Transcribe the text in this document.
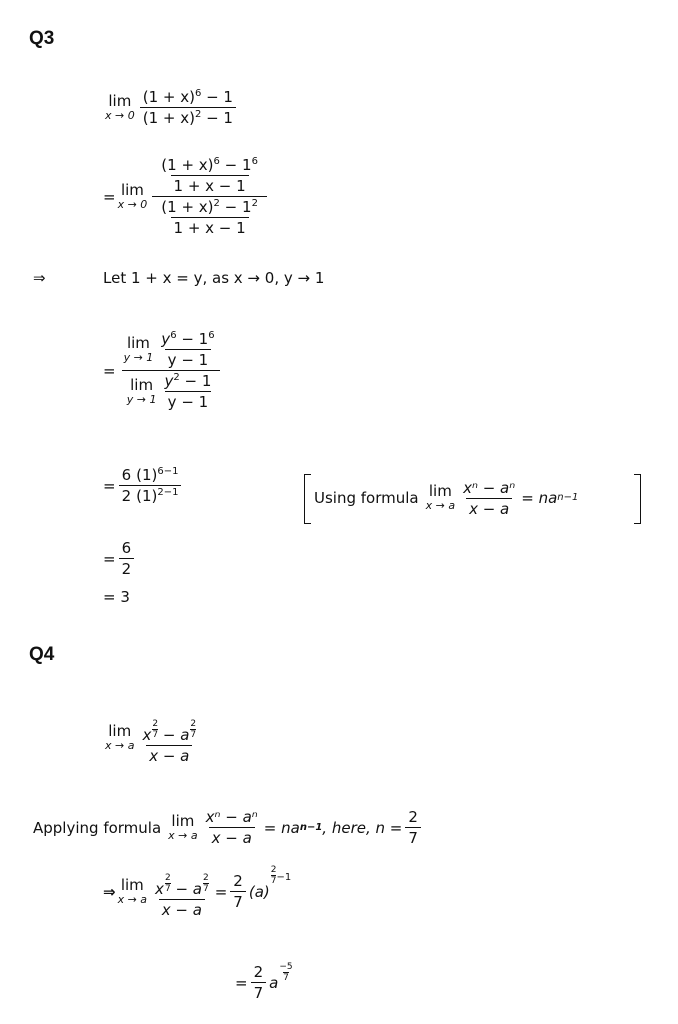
Q3
lim
$x \to 0 \frac{(1 + x)^6 - 1}{(1 + x)^2 - 1}$
= lim
$x \to 0 \frac{\frac{(1 + x)^6 - 1^6}{1 + x - 1}}{\frac{(1 + x)^2 - 1^2}{1 + x - 1}}$
⇒	Let 1 + x = y, as x → 0, y → 1
= lim
$y \to 1 \frac{y^6 - 1^6}{y - 1}$
lim
$y \to 1 \frac{y^2 - 1}{y - 1}$
= $\frac{6 (1)^{6-1}}{2 (1)^{2-1}}$	Using formula lim
x → a $\frac{\text{xⁿ − aⁿ}}{x - a}$ = na n−1
= $\frac{6}{2}$
= 3
Q4
lim
x → a $\frac{x \frac{2}{7} - a \frac{2}{7}}{x - a}$
Applying formula lim
x → a $\frac{\text{xⁿ − aⁿ}}{x - a}$ = na n−1 , here, $n = \frac{2}{7}$
⇒ lim
x → a $\frac{x \frac{2}{7} - a \frac{2}{7}}{x - a} = \frac{2}{7} (a)$
2
7 −1
= $\frac{2}{7}$ a
−5
7
